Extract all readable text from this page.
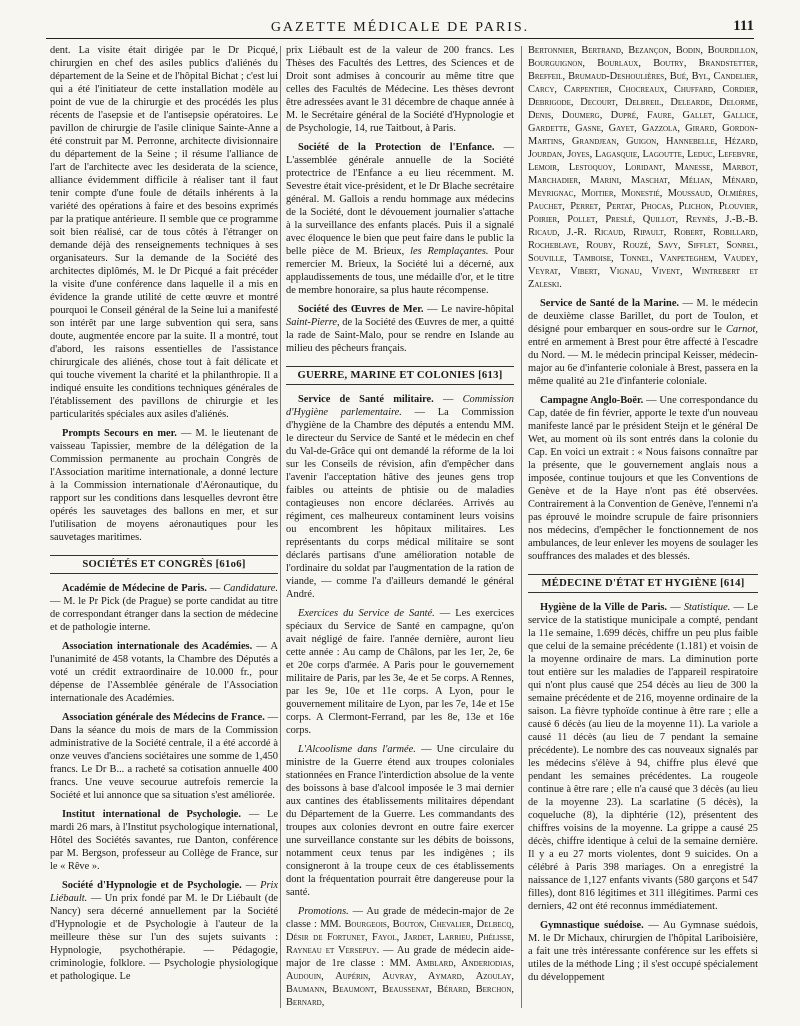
GAZETTE MÉDICALE DE PARIS.	111

dent. La visite était dirigée par le Dr Picqué, chirurgien en chef des asiles publics d'aliénés du département de la Seine et de l'hôpital Bichat ; c'est lui qui a été l'initiateur de cette installation modèle au point de vue de la chirurgie et des procédés les plus récents de l'asepsie et de l'antisepsie opératoires. Le pavillon de chirurgie de l'asile clinique Sainte-Anne a été construit par M. Perronne, architecte divisionnaire du département de la Seine ; il résume l'alliance de l'art de l'architecte avec les desiderata de la science, alliance évidemment difficile à réaliser tant il faut tenir compte d'une foule de détails inhérents à la variété des opérations à faire et des besoins exprimés par la pratique antérieure. Il semble que ce programme soit bien réalisé, car de tous côtés à l'étranger on demande déjà des renseignements techniques à ses organisateurs. Sur la demande de la Société des architectes diplômés, M. le Dr Picqué a fait précéder la visite d'une conférence dans laquelle il a mis en évidence la grande utilité de cette œuvre et montré pourquoi le Conseil général de la Seine lui a manifesté son intérêt par une large subvention qui sera, sans doute, augmentée encore par la suite. Il a montré, tout d'abord, les raisons essentielles de l'assistance chirurgicale des aliénés, chose tout à fait délicate et qui touche vivement la charité et la philanthropie. Il a indiqué ensuite les conditions techniques générales de l'établissement des pavillons de chirurgie et les particularités spéciales aux asiles d'aliénés.

Prompts Secours en mer. — M. le lieutenant de vaisseau Tapissier, membre de la délégation de la Commission permanente au prochain Congrès de l'Association maritime internationale, a donné lecture à la Commission internationale d'Aéronautique, du rapport sur les conditions dans lesquelles devront être opérés les sauvetages des ballons en mer, et sur l'utilisation de moyens aéronautiques pour les sauvetages maritimes.

SOCIÉTÉS ET CONGRÈS [61ᴏ6]

Académie de Médecine de Paris. — Candidature. — M. le Pr Pick (de Prague) se porte candidat au titre de correspondant étranger dans la section de médecine et de pathologie interne.

Association internationale des Académies. — A l'unanimité de 458 votants, la Chambre des Députés a voté un crédit extraordinaire de 10.000 fr., pour dépense de l'Assemblée générale de l'Association internationale des Académies.

Association générale des Médecins de France. — Dans la séance du mois de mars de la Commission administrative de la Société centrale, il a été accordé à onze veuves d'anciens sociétaires une somme de 1,450 francs. Le Dr B... a racheté sa cotisation annuelle 400 francs. Une veuve secourue autrefois remercie la Société et lui annonce que sa situation s'est améliorée.

Institut international de Psychologie. — Le mardi 26 mars, à l'Institut psychologique international, Hôtel des Sociétés savantes, rue Danton, conférence par M. Bergson, professeur au Collège de France, sur le « Rêve ».

Société d'Hypnologie et de Psychologie. — Prix Liébault. — Un prix fondé par M. le Dr Liébault (de Nancy) sera décerné annuellement par la Société d'Hypnologie et de Psychologie à l'auteur de la meilleure thèse sur l'un des sujets suivants : Hypnologie, psychothérapie. — Pédagogie, criminologie, folklore. — Psychologie physiologique et pathologique. Le

prix Liébault est de la valeur de 200 francs. Les Thèses des Facultés des Lettres, des Sciences et de Droit sont admises à concourir au même titre que celles des Facultés de Médecine. Les thèses devront être adressées avant le 31 décembre de chaque année à M. le Secrétaire général de la Société d'Hypnologie et de Psychologie, 14, rue Taitbout, à Paris.

Société de la Protection de l'Enfance. — L'assemblée générale annuelle de la Société protectrice de l'Enfance a eu lieu récemment. M. Sevestre était vice-président, et le Dr Blache secrétaire général. M. Gallois a rendu hommage aux médecins de la Société, dont le dévouement journalier s'attache à la surveillance des enfants placés. Puis il a signalé avec éloquence le bien que peut faire dans le public la belle pièce de M. Brieux, les Remplaçantes. Pour remercier M. Brieux, la Société lui a décerné, aux applaudissements de tous, une médaille d'or, et le titre de membre honoraire, sa plus haute récompense.

Société des Œuvres de Mer. — Le navire-hôpital Saint-Pierre, de la Société des Œuvres de mer, a quitté la rade de Saint-Malo, pour se rendre en Islande au milieu des pêcheurs français.

GUERRE, MARINE ET COLONIES [613]

Service de Santé militaire. — Commission d'Hygiène parlementaire. — La Commission d'hygiène de la Chambre des députés a entendu MM. le directeur du Service de Santé et le médecin en chef du Val-de-Grâce qui ont demandé la réforme de la loi sur les Conseils de révision, afin d'empêcher dans l'avenir l'acceptation hâtive des jeunes gens trop faibles ou atteints de phtisie ou de maladies contagieuses non encore déclarées. Arrivés au régiment, ces malheureux contaminent leurs voisins ou encombrent les hôpitaux militaires. Les représentants du corps médical militaire se sont déclarés partisans d'une amélioration notable de l'ordinaire du soldat par l'augmentation de la ration de viande, — comme l'a d'ailleurs demandé le général André.

Exercices du Service de Santé. — Les exercices spéciaux du Service de Santé en campagne, qu'on avait négligé de faire. l'année dernière, auront lieu cette année : Au camp de Châlons, par les 1er, 2e, 6e et 20e corps d'armée. A Paris pour le gouvernement militaire de Paris, par les 3e, 4e et 5e corps. A Rennes, par les 9e, 10e et 11e corps. A Lyon, pour le gouvernement militaire de Lyon, par les 7e, 14e et 15e corps. A Clermont-Ferrand, par les 8e, 13e et 16e corps.

L'Alcoolisme dans l'armée. — Une circulaire du ministre de la Guerre étend aux troupes coloniales stationnées en France l'interdiction absolue de la vente des boissons à base d'alcool imposée le 3 mai dernier aux cantines des établissements militaires dépendant du Département de la Guerre. Les commandants des troupes aux colonies devront en outre faire exercer une surveillance constante sur les débits de boissons, notamment ceux tenus par les indigènes ; ils consigneront à la troupe ceux de ces établissements dont la fréquentation pourrait être dangereuse pour la santé.

Promotions. — Au grade de médecin-major de 2e classe : MM. Bourgeois, Bouton, Chevalier, Delbecq, Désir de Fortunet, Fayol, Jardet, Larrieu, Phélisse, Rayneau et Versepuy. — Au grade de médecin aide-major de 1re classe : MM. Amblard, Anderiodias, Audouin, Aupérin, Auvray, Aymard, Azoulay, Baumann, Beaumont, Beaussenat, Bérard, Berchon, Bernard,

Bertonnier, Bertrand, Bezançon, Bodin, Bourdillon, Bourguignon, Bourlaux, Boutry, Brandstetter, Breffeil, Brumaud-Deshoulières, Bué, Byl, Candelier, Carcy, Carpentier, Chocreaux, Chuffard, Cordier, Debrigode, Decourt, Delbreil, Delearde, Delorme, Denis, Doumerg, Dupré, Faure, Gallet, Gallice, Gardette, Gasne, Gayet, Gazzola, Girard, Gordon-Martins, Grandjean, Guigon, Hannebelle, Hézard, Jourdan, Joyes, Lagasquie, Lagoutte, Leduc, Lefebvre, Lemoir, Lestoquoy, Loridant, Manesse, Marbot, Marchadier, Marini, Maschat, Mélian, Ménard, Meyrignac, Moitier, Monestié, Moussaud, Olmières, Pauchet, Perret, Pertat, Phocas, Plichon, Plouvier, Poirier, Pollet, Preslé, Quillot, Reynès, J.-B.-B. Ricaud, J.-R. Ricaud, Ripault, Robert, Robillard, Rocheblave, Rouby, Rouzé, Savy, Sifflet, Sonrel, Souville, Tamboise, Tonnel, Vanpeteghem, Vaudey, Veyrat, Vibert, Vignau, Vivent, Wintrebert et Zaleski.

Service de Santé de la Marine. — M. le médecin de deuxième classe Barillet, du port de Toulon, et désigné pour embarquer en sous-ordre sur le Carnot, entré en armement à Brest pour être affecté à l'escadre du Nord. — M. le médecin principal Keisser, médecin-major au 6e d'infanterie coloniale à Brest, passera en la même qualité au 21e d'infanterie coloniale.

Campagne Anglo-Boër. — Une correspondance du Cap, datée de fin février, apporte le texte d'un nouveau manifeste lancé par le président Steijn et le général De Wet, au moment où ils sont entrés dans la colonie du Cap. En voici un extrait : « Nous faisons connaître par la présente, que le gouvernement anglais nous a imposée, continue toujours et que les Conventions de Genève et de la Haye n'ont pas été observées. Contrairement à la Convention de Genève, l'ennemi n'a pas éprouvé le moindre scrupule de faire prisonniers nos médecins, d'empêcher le fonctionnement de nos ambulances, de leur enlever les moyens de soulager les souffrances des malades et des blessés.

MÉDECINE D'ÉTAT ET HYGIÈNE [614]

Hygiène de la Ville de Paris. — Statistique. — Le service de la statistique municipale a compté, pendant la 11e semaine, 1.699 décès, chiffre un peu plus faible que celui de la semaine précédente (1.181) et voisin de la moyenne ordinaire de mars. La diminution porte tout entière sur les maladies de l'appareil respiratoire qui n'ont plus causé que 254 décès au lieu de 300 la semaine précédente et de 216, moyenne ordinaire de la saison. La fièvre typhoïde continue à être rare ; elle a causé 6 décès (au lieu de la moyenne 11). La variole a causé 11 décès (au lieu de 7 pendant la semaine précédente). Le nombre des cas nouveaux signalés par les médecins s'élève à 94, chiffre plus élevé que pendant les semaines précédentes. La rougeole continue à être rare ; elle n'a causé que 3 décès (au lieu de la moyenne 23). La scarlatine (5 décès), la coqueluche (8), la diphtérie (12), présentent des chiffres voisins de la moyenne. La grippe a causé 25 décès, chiffre identique à celui de la semaine dernière. Il y a eu 27 morts violentes, dont 9 suicides. On a célébré à Paris 398 mariages. On a enregistré la naissance de 1,127 enfants vivants (580 garçons et 547 filles), dont 816 légitimes et 311 illégitimes. Parmi ces derniers, 42 ont été reconnus immédiatement.

Gymnastique suédoise. — Au Gymnase suédois, M. le Dr Michaux, chirurgien de l'hôpital Lariboisière, a fait une très intéressante conférence sur les effets si utiles de la méthode Ling ; il s'est occupé spécialement du développement
